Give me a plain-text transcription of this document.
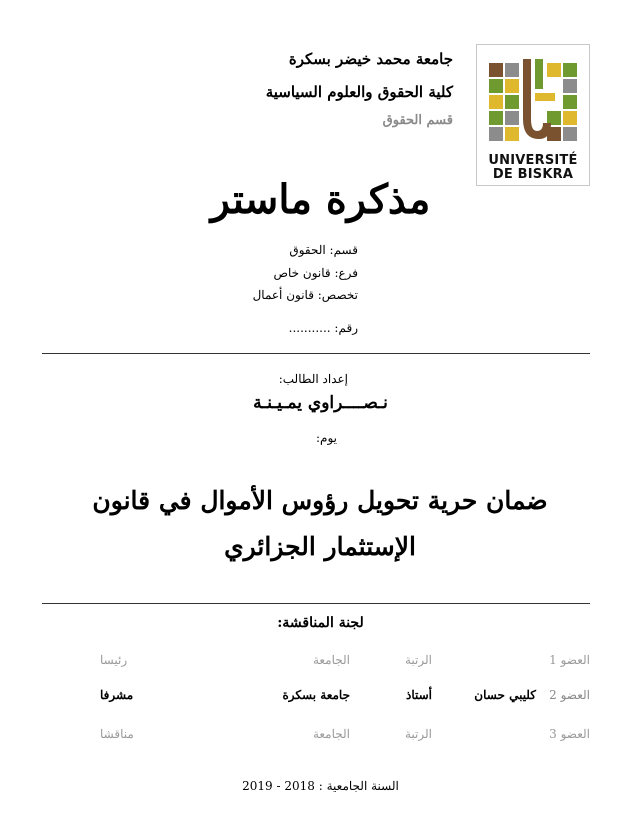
جامعة محمد خيضر بسكرة
كلية الحقوق والعلوم السياسية
قسم الحقوق
UNIVERSITÉ
DE BISKRA
مذكرة ماستر
قسم: الحقوق
فرع: قانون خاص
تخصص: قانون أعمال
رقم: ...........
إعداد الطالب:
نـصــــراوي يمـيـنـة
يوم:
ضمان حرية تحويل رؤوس الأموال في قانون الإستثمار الجزائري
لجنة المناقشة:
العضو 1
الرتبة
الجامعة
رئيسا
العضو 2
كليبي حسان
أستاذ
جامعة بسكرة
مشرفا
العضو 3
الرتبة
الجامعة
مناقشا
السنة الجامعية : 2018 - 2019
